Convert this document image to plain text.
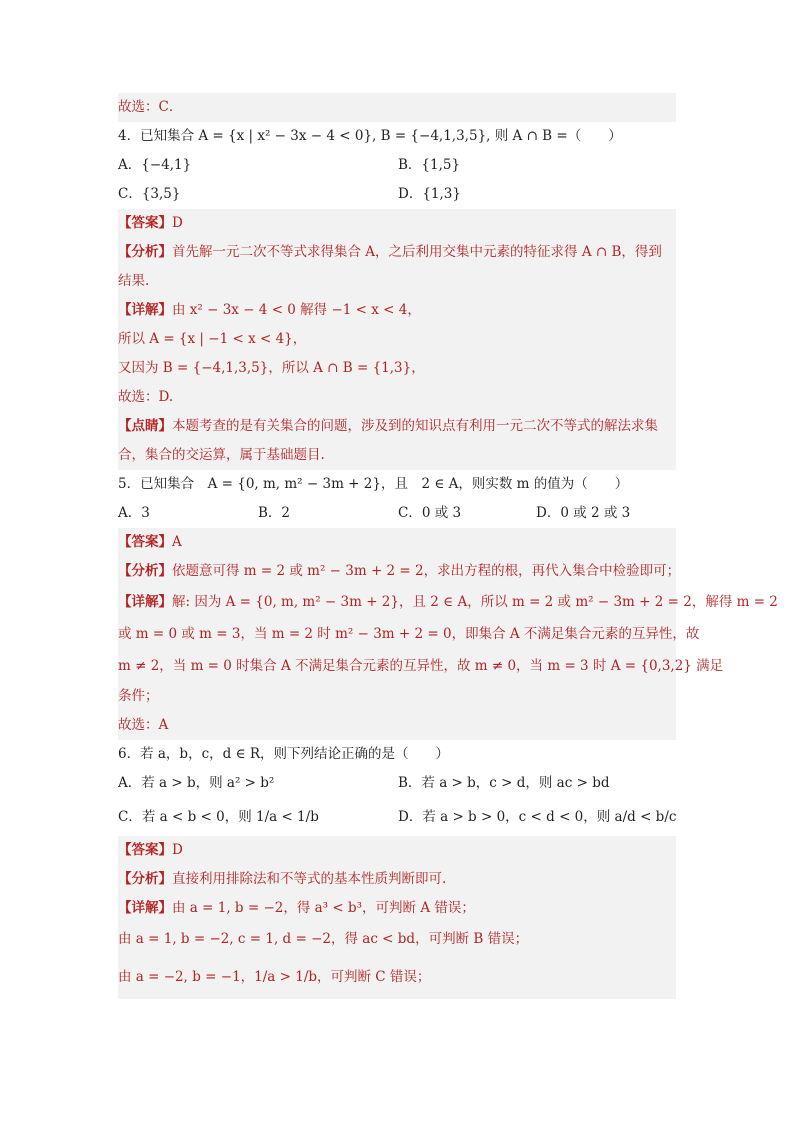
故选：C．
4．已知集合 A = {x | x² − 3x − 4 < 0}, B = {−4,1,3,5}, 则 A ∩ B =（　　）
A．{−4,1}	B．{1,5}
C．{3,5}	D．{1,3}
【答案】D
【分析】首先解一元二次不等式求得集合 A，之后利用交集中元素的特征求得 A ∩ B，得到
结果.
【详解】由 x² − 3x − 4 < 0 解得 −1 < x < 4，
所以 A = {x | −1 < x < 4}，
又因为 B = {−4,1,3,5}，所以 A ∩ B = {1,3}，
故选：D.
【点睛】本题考查的是有关集合的问题，涉及到的知识点有利用一元二次不等式的解法求集
合，集合的交运算，属于基础题目.
5．已知集合　A = {0, m, m² − 3m + 2}，且　2 ∈ A，则实数 m 的值为（　　）
A．3	B．2	C．0 或 3	D．0 或 2 或 3
【答案】A
【分析】依题意可得 m = 2 或 m² − 3m + 2 = 2，求出方程的根，再代入集合中检验即可；
【详解】解: 因为 A = {0, m, m² − 3m + 2}，且 2 ∈ A，所以 m = 2 或 m² − 3m + 2 = 2，解得 m = 2
或 m = 0 或 m = 3，当 m = 2 时 m² − 3m + 2 = 0，即集合 A 不满足集合元素的互异性，故
m ≠ 2，当 m = 0 时集合 A 不满足集合元素的互异性，故 m ≠ 0，当 m = 3 时 A = {0,3,2} 满足
条件；
故选：A
6．若 a，b，c，d ∈ R，则下列结论正确的是（　　）
A．若 a > b，则 a² > b²	B．若 a > b，c > d，则 ac > bd
C．若 a < b < 0，则 1/a < 1/b	D．若 a > b > 0，c < d < 0，则 a/d < b/c
【答案】D
【分析】直接利用排除法和不等式的基本性质判断即可.
【详解】由 a = 1, b = −2，得 a³ < b³，可判断 A 错误；
由 a = 1, b = −2, c = 1, d = −2，得 ac < bd，可判断 B 错误；
由 a = −2, b = −1，1/a > 1/b，可判断 C 错误；
